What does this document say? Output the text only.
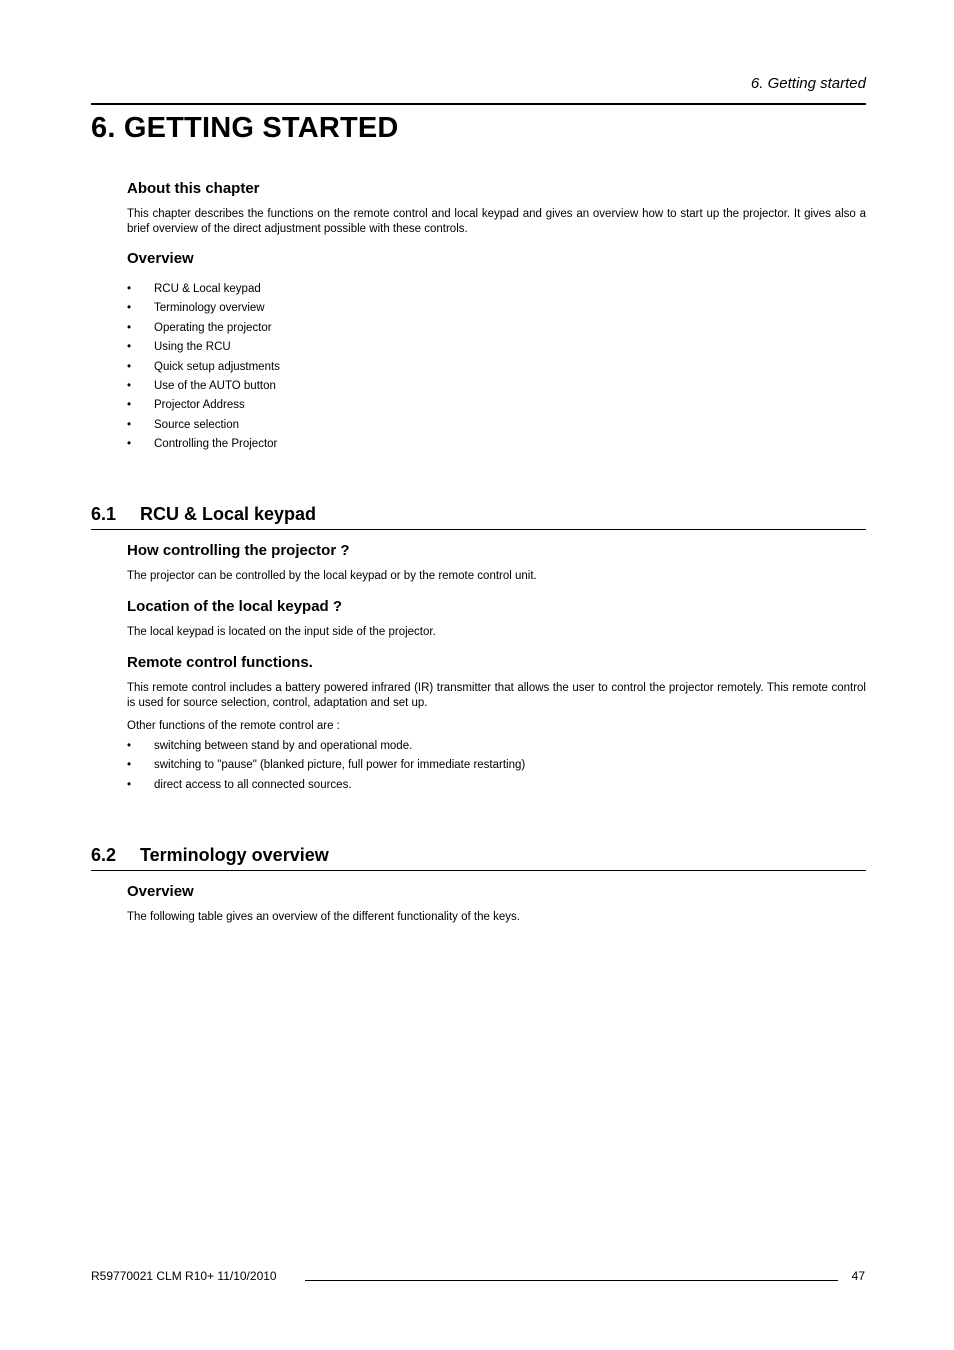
6. Getting started
6. GETTING STARTED
About this chapter

This chapter describes the functions on the remote control and local keypad and gives an overview how to start up the projector. It gives also a brief overview of the direct adjustment possible with these controls.

Overview
• RCU & Local keypad
• Terminology overview
• Operating the projector
• Using the RCU
• Quick setup adjustments
• Use of the AUTO button
• Projector Address
• Source selection
• Controlling the Projector
6.1 RCU & Local keypad
How controlling the projector ?

The projector can be controlled by the local keypad or by the remote control unit.

Location of the local keypad ?

The local keypad is located on the input side of the projector.

Remote control functions.

This remote control includes a battery powered infrared (IR) transmitter that allows the user to control the projector remotely. This remote control is used for source selection, control, adaptation and set up.

Other functions of the remote control are :

• switching between stand by and operational mode.
• switching to "pause" (blanked picture, full power for immediate restarting)
• direct access to all connected sources.
6.2 Terminology overview
Overview

The following table gives an overview of the different functionality of the keys.

R59770021 CLM R10+ 11/10/2010	47
